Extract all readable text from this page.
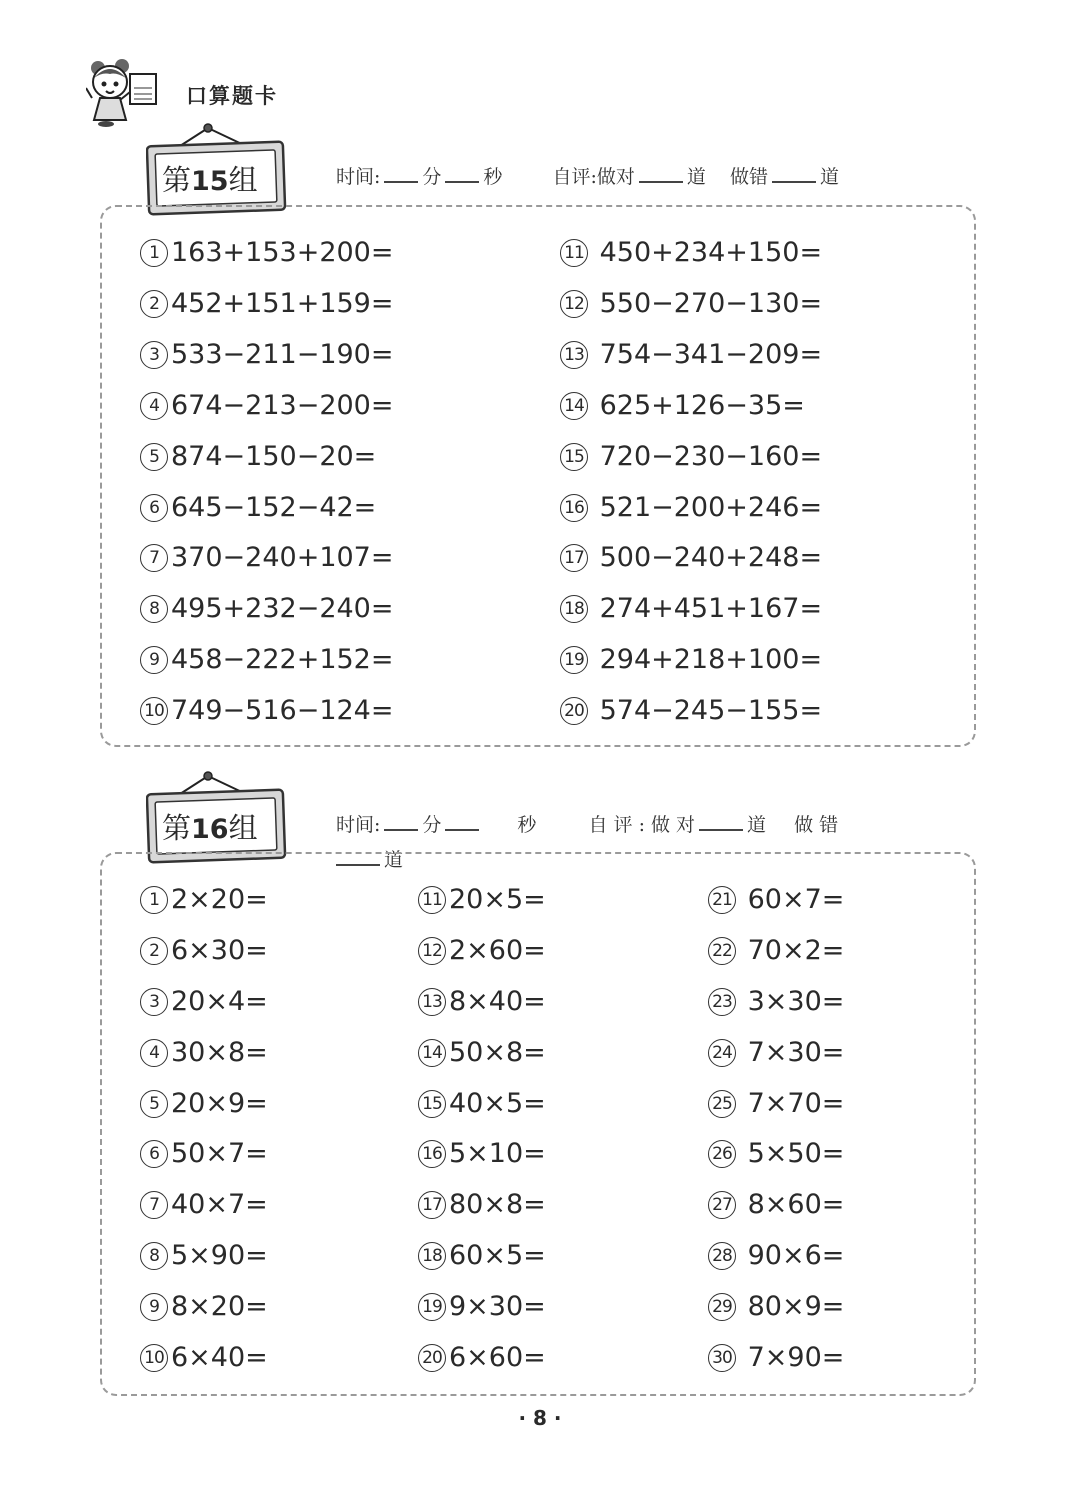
口算题卡
第15组	时间: 分 秒	自评:做对	道 做错	道
1 163+153+200=
2 452+151+159=
3 533−211−190=
4 674−213−200=
5 874−150−20=
6 645−152−42=
7 370−240+107=
8 495+232−240=
9 458−222+152=
10 749−516−124=
11 450+234+150=
12 550−270−130=
13 754−341−209=
14 625+126−35=
15 720−230−160=
16 521−200+246=
17 500−240+248=
18 274+451+167=
19 294+218+100=
20 574−245−155=
第16组	时间: 分	秒	自 评 : 做 对	道 做 错
道
1 2×20=
2 6×30=
3 20×4=
4 30×8=
5 20×9=
6 50×7=
7 40×7=
8 5×90=
9 8×20=
10 6×40=
11 20×5=
12 2×60=
13 8×40=
14 50×8=
15 40×5=
16 5×10=
17 80×8=
18 60×5=
19 9×30=
20 6×60=
21 60×7=
22 70×2=
23 3×30=
24 7×30=
25 7×70=
26 5×50=
27 8×60=
28 90×6=
29 80×9=
30 7×90=
· 8 ·
